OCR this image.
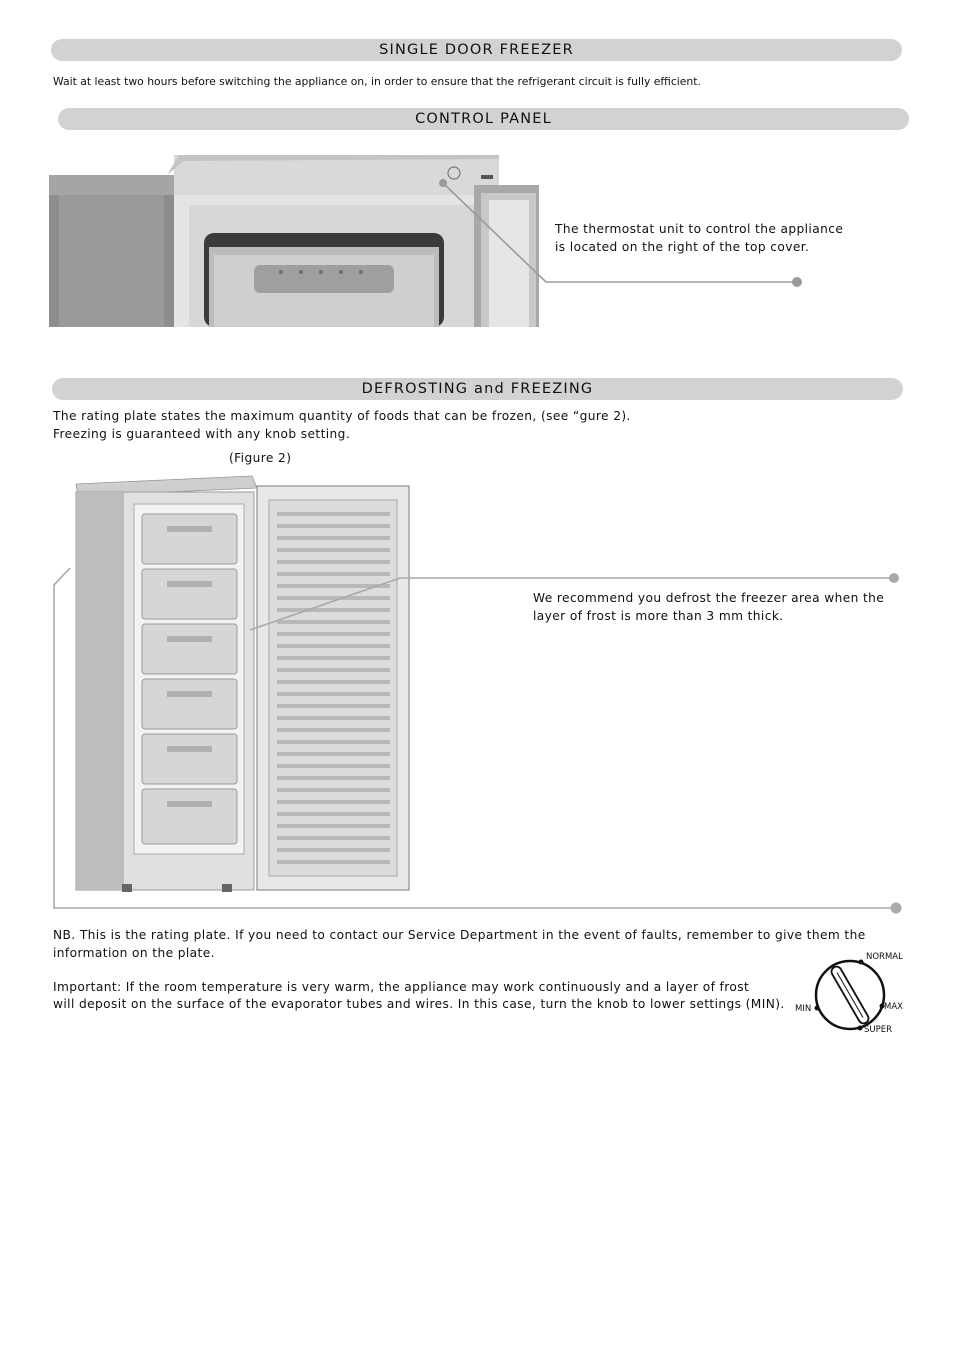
SINGLE DOOR FREEZER
Wait at least two hours before switching the appliance on, in order to ensure that the refrigerant circuit is fully efficient.
CONTROL PANEL
The thermostat unit to control the appliance
is located on the right of the top cover.
DEFROSTING and FREEZING
The rating plate states the maximum quantity of foods that can be frozen, (see “gure 2).
Freezing is guaranteed with any knob setting.
(Figure 2)
We recommend you defrost the freezer area when the
layer of frost is more than 3 mm thick.
NB. This is the rating plate. If you need to contact our Service Department in the event of faults, remember to give them the
information on the plate.
Important: If the room temperature is very warm, the appliance may work continuously and a layer of frost
will deposit on the surface of the evaporator tubes and wires. In this case, turn the knob to lower settings (MIN).
NORMAL
MAX
SUPER
MIN
